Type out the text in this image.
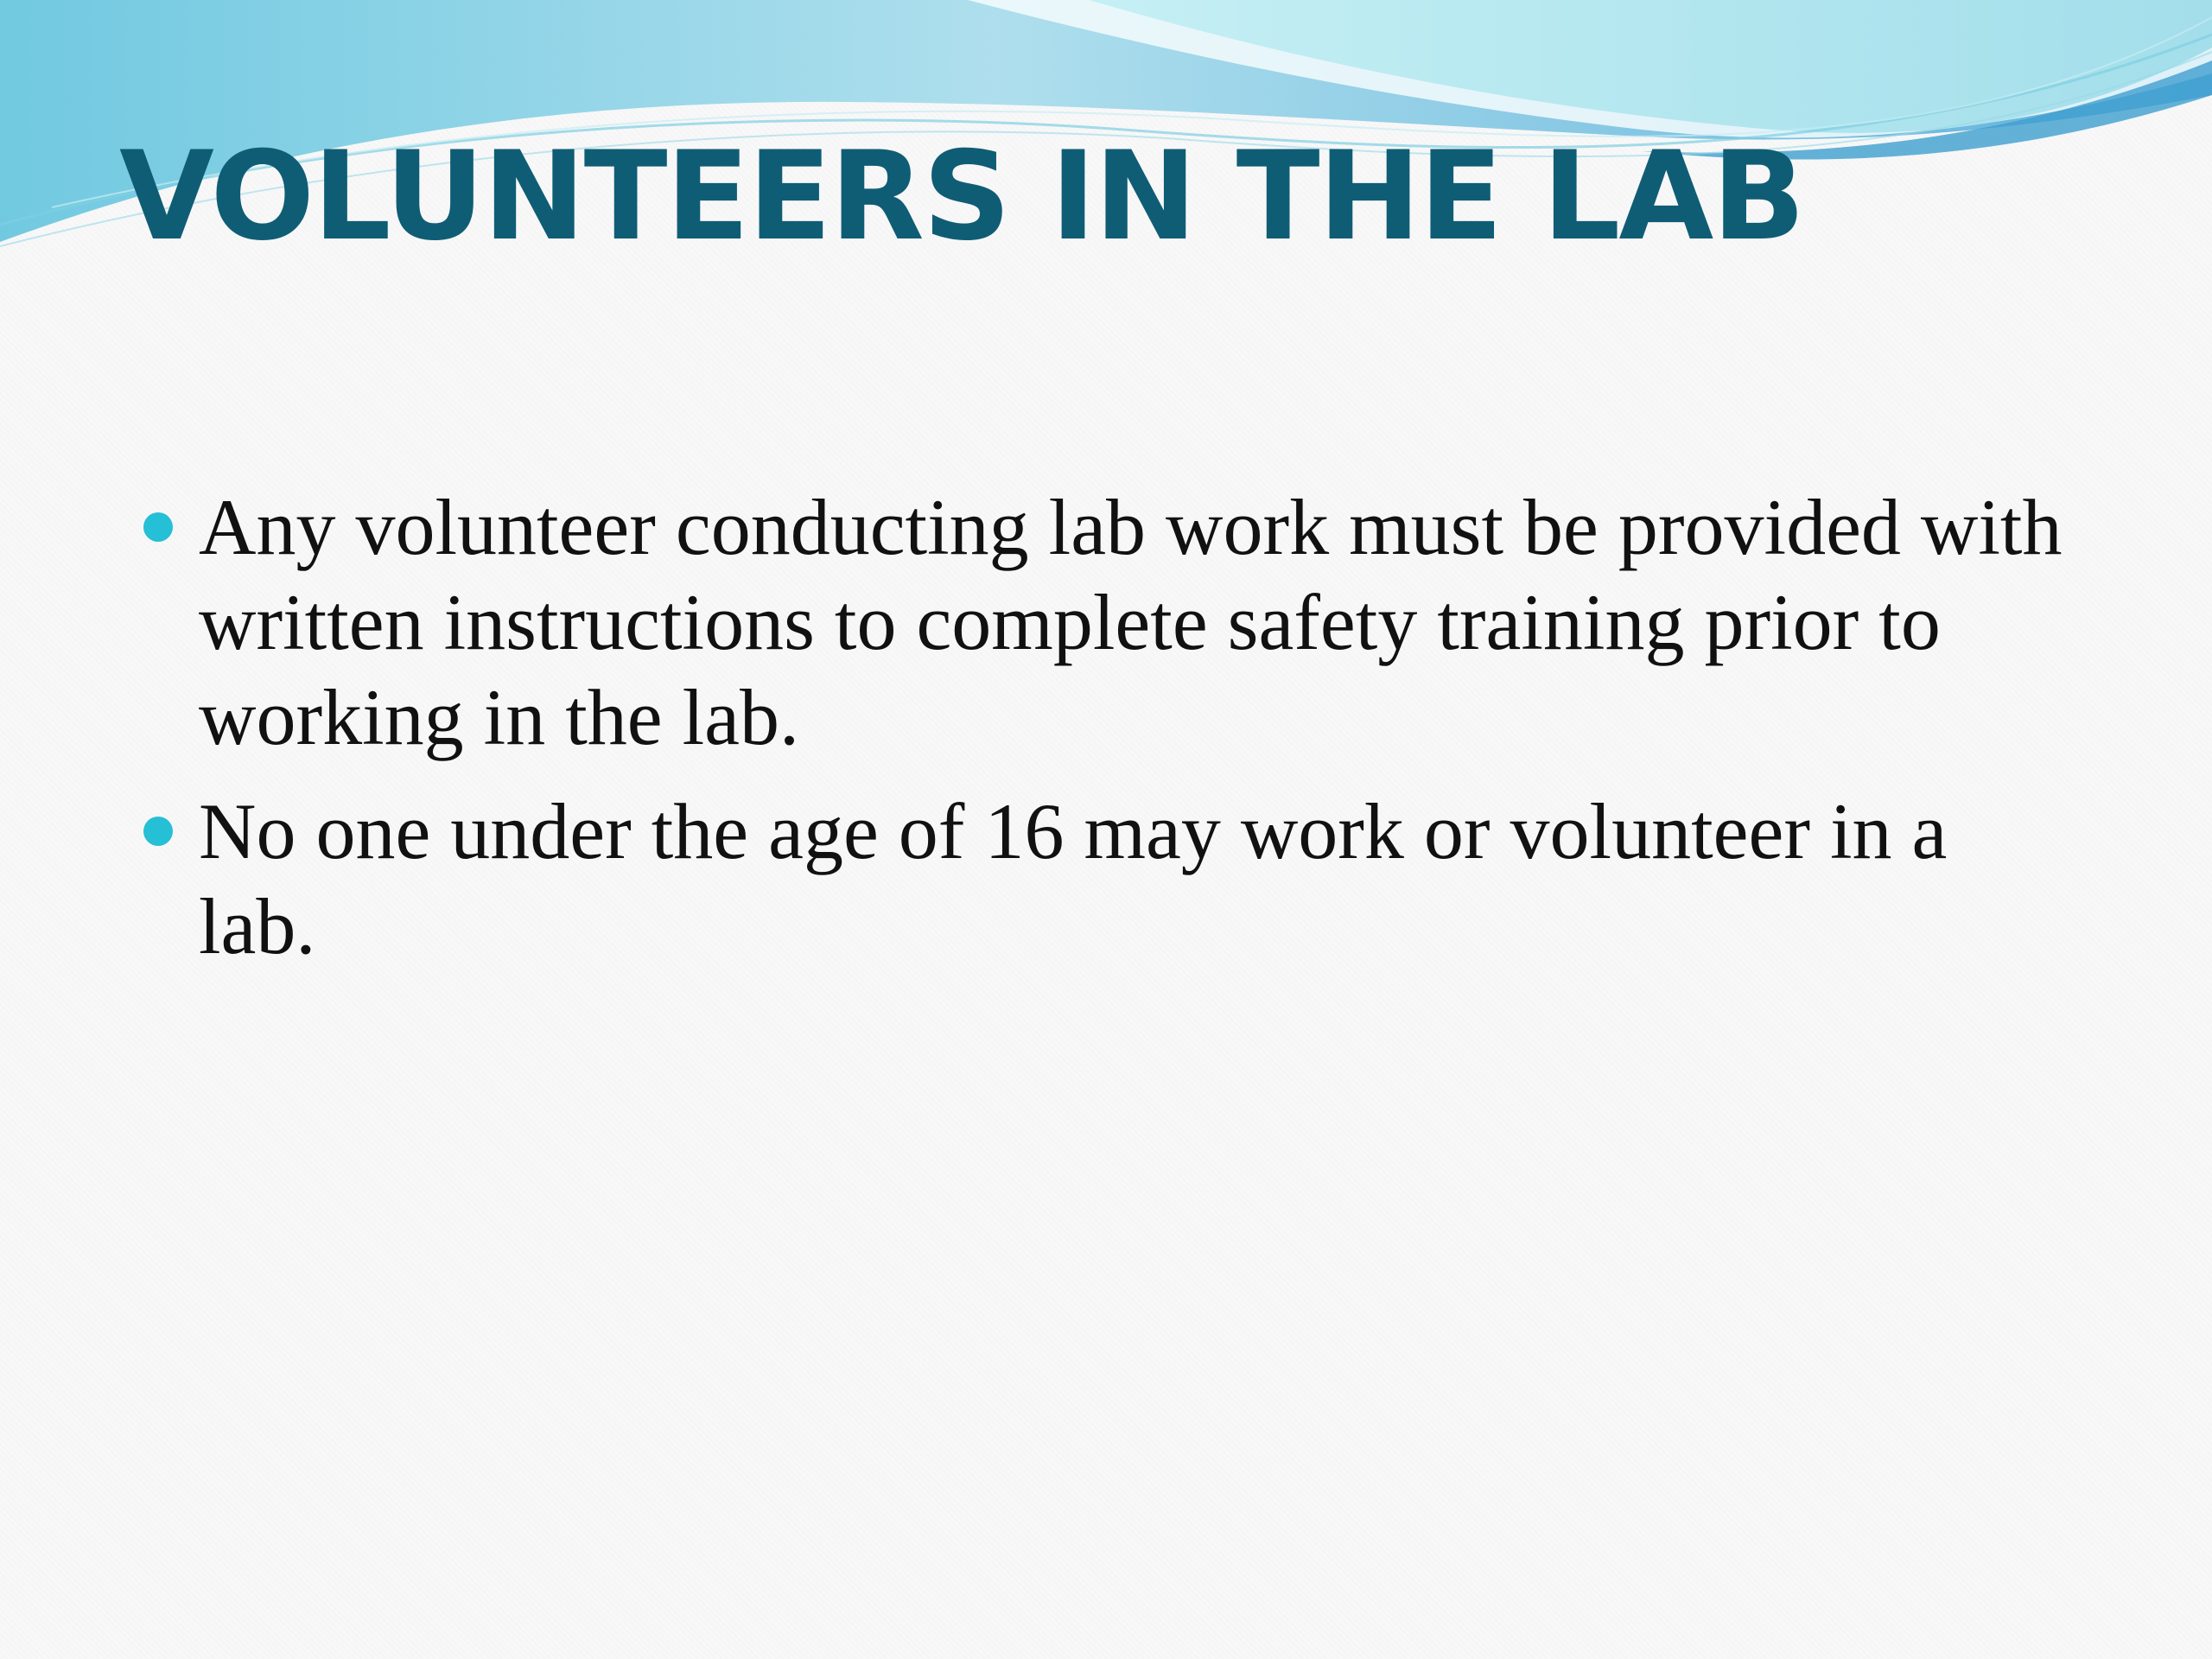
VOLUNTEERS IN THE LAB
Any volunteer conducting lab work must be provided with written instructions to complete safety training prior to working in the lab.
No one under the age of 16 may work or volunteer in a lab.
